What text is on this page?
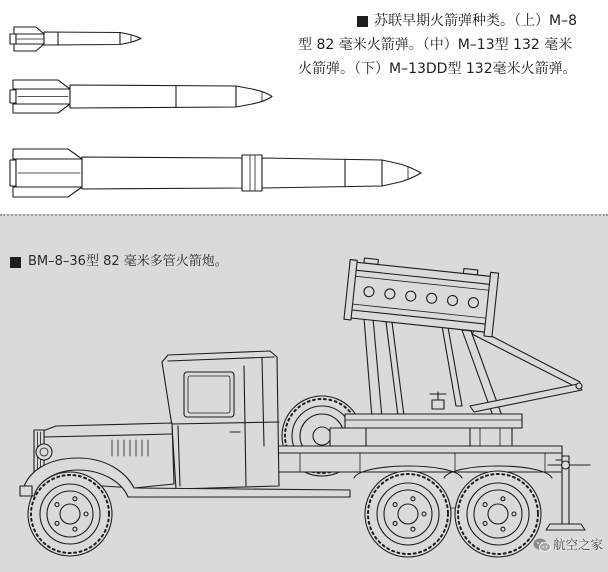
苏联早期火箭弹种类。（上）M–8
型 82 毫米火箭弹。（中）M–13型 132 毫米
火箭弹。（下）M–13DD型 132毫米火箭弹。
BM–8–36型 82 毫米多管火箭炮。
航空之家
